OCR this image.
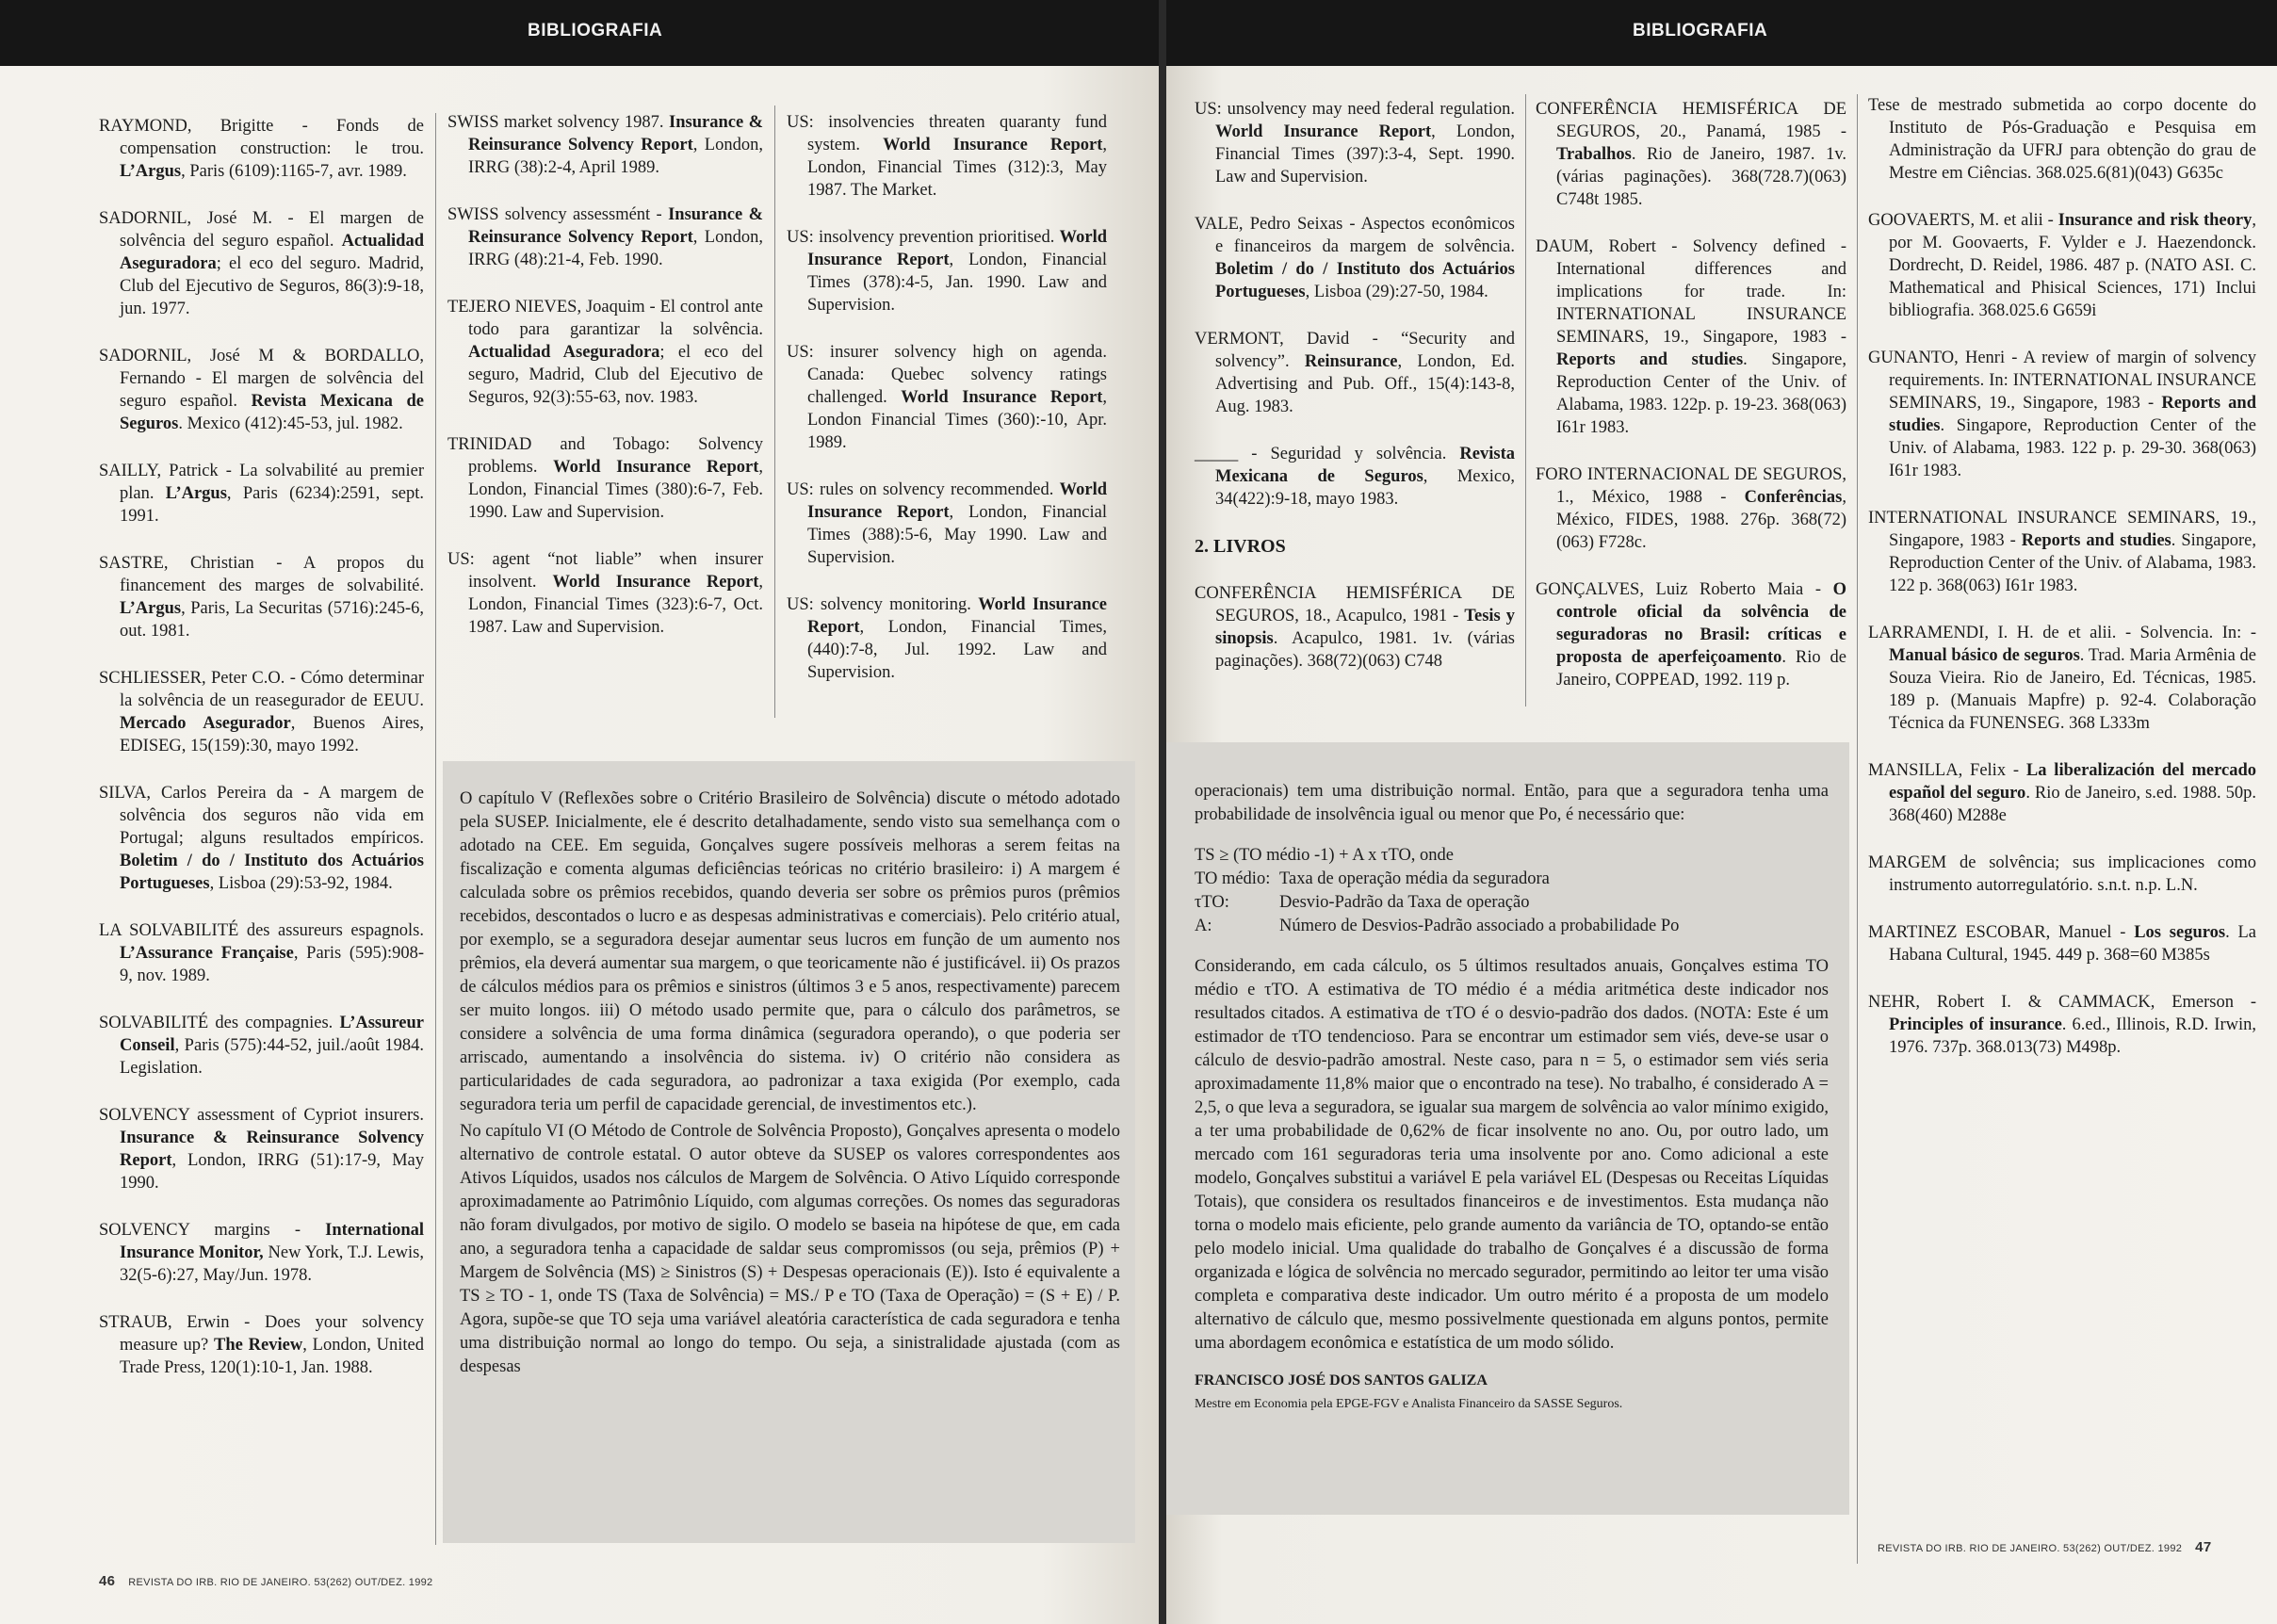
BIBLIOGRAFIA
RAYMOND, Brigitte - Fonds de compensation construction: le trou. L’Argus, Paris (6109):1165-7, avr. 1989.
SADORNIL, José M. - El margen de solvência del seguro español. Actualidad Aseguradora; el eco del seguro. Madrid, Club del Ejecutivo de Seguros, 86(3):9-18, jun. 1977.
SADORNIL, José M & BORDALLO, Fernando - El margen de solvência del seguro español. Revista Mexicana de Seguros. Mexico (412):45-53, jul. 1982.
SAILLY, Patrick - La solvabilité au premier plan. L’Argus, Paris (6234):2591, sept. 1991.
SASTRE, Christian - A propos du financement des marges de solvabilité. L’Argus, Paris, La Securitas (5716):245-6, out. 1981.
SCHLIESSER, Peter C.O. - Cómo determinar la solvência de un reasegurador de EEUU. Mercado Asegurador, Buenos Aires, EDISEG, 15(159):30, mayo 1992.
SILVA, Carlos Pereira da - A margem de solvência dos seguros não vida em Portugal; alguns resultados empíricos. Boletim / do / Instituto dos Actuários Portugueses, Lisboa (29):53-92, 1984.
LA SOLVABILITÉ des assureurs espagnols. L’Assurance Française, Paris (595):908-9, nov. 1989.
SOLVABILITÉ des compagnies. L’Assureur Conseil, Paris (575):44-52, juil./août 1984. Legislation.
SOLVENCY assessment of Cypriot insurers. Insurance & Reinsurance Solvency Report, London, IRRG (51):17-9, May 1990.
SOLVENCY margins - International Insurance Monitor, New York, T.J. Lewis, 32(5-6):27, May/Jun. 1978.
STRAUB, Erwin - Does your solvency measure up? The Review, London, United Trade Press, 120(1):10-1, Jan. 1988.
SWISS market solvency 1987. Insurance & Reinsurance Solvency Report, London, IRRG (38):2-4, April 1989.
SWISS solvency assessmént - Insurance & Reinsurance Solvency Report, London, IRRG (48):21-4, Feb. 1990.
TEJERO NIEVES, Joaquim - El control ante todo para garantizar la solvência. Actualidad Aseguradora; el eco del seguro, Madrid, Club del Ejecutivo de Seguros, 92(3):55-63, nov. 1983.
TRINIDAD and Tobago: Solvency problems. World Insurance Report, London, Financial Times (380):6-7, Feb. 1990. Law and Supervision.
US: agent “not liable” when insurer insolvent. World Insurance Report, London, Financial Times (323):6-7, Oct. 1987. Law and Supervision.
US: insolvencies threaten quaranty fund system. World Insurance Report, London, Financial Times (312):3, May 1987. The Market.
US: insolvency prevention prioritised. World Insurance Report, London, Financial Times (378):4-5, Jan. 1990. Law and Supervision.
US: insurer solvency high on agenda. Canada: Quebec solvency ratings challenged. World Insurance Report, London Financial Times (360):-10, Apr. 1989.
US: rules on solvency recommended. World Insurance Report, London, Financial Times (388):5-6, May 1990. Law and Supervision.
US: solvency monitoring. World Insurance Report, London, Financial Times, (440):7-8, Jul. 1992. Law and Supervision.

O capítulo V (Reflexões sobre o Critério Brasileiro de Solvência) discute o método adotado pela SUSEP. Inicialmente, ele é descrito detalhadamente, sendo visto sua semelhança com o adotado na CEE. Em seguida, Gonçalves sugere possíveis melhoras a serem feitas na fiscalização e comenta algumas deficiências teóricas no critério brasileiro: i) A margem é calculada sobre os prêmios recebidos, quando deveria ser sobre os prêmios puros (prêmios recebidos, descontados o lucro e as despesas administrativas e comerciais). Pelo critério atual, por exemplo, se a seguradora desejar aumentar seus lucros em função de um aumento nos prêmios, ela deverá aumentar sua margem, o que teoricamente não é justificável. ii) Os prazos de cálculos médios para os prêmios e sinistros (últimos 3 e 5 anos, respectivamente) parecem ser muito longos. iii) O método usado permite que, para o cálculo dos parâmetros, se considere a solvência de uma forma dinâmica (seguradora operando), o que poderia ser arriscado, aumentando a insolvência do sistema. iv) O critério não considera as particularidades de cada seguradora, ao padronizar a taxa exigida (Por exemplo, cada seguradora teria um perfil de capacidade gerencial, de investimentos etc.).

No capítulo VI (O Método de Controle de Solvência Proposto), Gonçalves apresenta o modelo alternativo de controle estatal. O autor obteve da SUSEP os valores correspondentes aos Ativos Líquidos, usados nos cálculos de Margem de Solvência. O Ativo Líquido corresponde aproximadamente ao Patrimônio Líquido, com algumas correções. Os nomes das seguradoras não foram divulgados, por motivo de sigilo. O modelo se baseia na hipótese de que, em cada ano, a seguradora tenha a capacidade de saldar seus compromissos (ou seja, prêmios (P) + Margem de Solvência (MS) ≥ Sinistros (S) + Despesas operacionais (E)). Isto é equivalente a TS ≥ TO - 1, onde TS (Taxa de Solvência) = MS./ P e TO (Taxa de Operação) = (S + E) / P. Agora, supõe-se que TO seja uma variável aleatória característica de cada seguradora e tenha uma distribuição normal ao longo do tempo. Ou seja, a sinistralidade ajustada (com as despesas

46 REVISTA DO IRB. RIO DE JANEIRO. 53(262) OUT/DEZ. 1992
BIBLIOGRAFIA
US: unsolvency may need federal regulation. World Insurance Report, London, Financial Times (397):3-4, Sept. 1990. Law and Supervision.
VALE, Pedro Seixas - Aspectos econômicos e financeiros da margem de solvência. Boletim / do / Instituto dos Actuários Portugueses, Lisboa (29):27-50, 1984.
VERMONT, David - “Security and solvency”. Reinsurance, London, Ed. Advertising and Pub. Off., 15(4):143-8, Aug. 1983.
_____ - Seguridad y solvência. Revista Mexicana de Seguros, Mexico, 34(422):9-18, mayo 1983.
2. LIVROS
CONFERÊNCIA HEMISFÉRICA DE SEGUROS, 18., Acapulco, 1981 - Tesis y sinopsis. Acapulco, 1981. 1v. (várias paginações). 368(72)(063) C748
CONFERÊNCIA HEMISFÉRICA DE SEGUROS, 20., Panamá, 1985 - Trabalhos. Rio de Janeiro, 1987. 1v. (várias paginações). 368(728.7)(063) C748t 1985.
DAUM, Robert - Solvency defined - International differences and implications for trade. In: INTERNATIONAL INSURANCE SEMINARS, 19., Singapore, 1983 - Reports and studies. Singapore, Reproduction Center of the Univ. of Alabama, 1983. 122p. p. 19-23. 368(063) I61r 1983.
FORO INTERNACIONAL DE SEGUROS, 1., México, 1988 - Conferências, México, FIDES, 1988. 276p. 368(72)(063) F728c.
GONÇALVES, Luiz Roberto Maia - O controle oficial da solvência de seguradoras no Brasil: críticas e proposta de aperfeiçoamento. Rio de Janeiro, COPPEAD, 1992. 119 p.
Tese de mestrado submetida ao corpo docente do Instituto de Pós-Graduação e Pesquisa em Administração da UFRJ para obtenção do grau de Mestre em Ciências. 368.025.6(81)(043) G635c
GOOVAERTS, M. et alii - Insurance and risk theory, por M. Goovaerts, F. Vylder e J. Haezendonck. Dordrecht, D. Reidel, 1986. 487 p. (NATO ASI. C. Mathematical and Phisical Sciences, 171) Inclui bibliografia. 368.025.6 G659i
GUNANTO, Henri - A review of margin of solvency requirements. In: INTERNATIONAL INSURANCE SEMINARS, 19., Singapore, 1983 - Reports and studies. Singapore, Reproduction Center of the Univ. of Alabama, 1983. 122 p. p. 29-30. 368(063) I61r 1983.
INTERNATIONAL INSURANCE SEMINARS, 19., Singapore, 1983 - Reports and studies. Singapore, Reproduction Center of the Univ. of Alabama, 1983. 122 p. 368(063) I61r 1983.
LARRAMENDI, I. H. de et alii. - Solvencia. In: - Manual básico de seguros. Trad. Maria Armênia de Souza Vieira. Rio de Janeiro, Ed. Técnicas, 1985. 189 p. (Manuais Mapfre) p. 92-4. Colaboração Técnica da FUNENSEG. 368 L333m
MANSILLA, Felix - La liberalización del mercado español del seguro. Rio de Janeiro, s.ed. 1988. 50p. 368(460) M288e
MARGEM de solvência; sus implicaciones como instrumento autorregulatório. s.n.t. n.p. L.N.
MARTINEZ ESCOBAR, Manuel - Los seguros. La Habana Cultural, 1945. 449 p. 368=60 M385s
NEHR, Robert I. & CAMMACK, Emerson - Principles of insurance. 6.ed., Illinois, R.D. Irwin, 1976. 737p. 368.013(73) M498p.

operacionais) tem uma distribuição normal. Então, para que a seguradora tenha uma probabilidade de insolvência igual ou menor que Po, é necessário que:

TS ≥ (TO médio -1) + A x τTO, onde
TO médio: Taxa de operação média da seguradora
τTO:	Desvio-Padrão da Taxa de operação
A:	Número de Desvios-Padrão associado a probabilidade Po

Considerando, em cada cálculo, os 5 últimos resultados anuais, Gonçalves estima TO médio e τTO. A estimativa de TO médio é a média aritmética deste indicador nos resultados citados. A estimativa de τTO é o desvio-padrão dos dados. (NOTA: Este é um estimador de τTO tendencioso. Para se encontrar um estimador sem viés, deve-se usar o cálculo de desvio-padrão amostral. Neste caso, para n = 5, o estimador sem viés seria aproximadamente 11,8% maior que o encontrado na tese). No trabalho, é considerado A = 2,5, o que leva a seguradora, se igualar sua margem de solvência ao valor mínimo exigido, a ter uma probabilidade de 0,62% de ficar insolvente no ano. Ou, por outro lado, um mercado com 161 seguradoras teria uma insolvente por ano. Como adicional a este modelo, Gonçalves substitui a variável E pela variável EL (Despesas ou Receitas Líquidas Totais), que considera os resultados financeiros e de investimentos. Esta mudança não torna o modelo mais eficiente, pelo grande aumento da variância de TO, optando-se então pelo modelo inicial. Uma qualidade do trabalho de Gonçalves é a discussão de forma organizada e lógica de solvência no mercado segurador, permitindo ao leitor ter uma visão completa e comparativa deste indicador. Um outro mérito é a proposta de um modelo alternativo de cálculo que, mesmo possivelmente questionada em alguns pontos, permite uma abordagem econômica e estatística de um modo sólido.

FRANCISCO JOSÉ DOS SANTOS GALIZA
Mestre em Economia pela EPGE-FGV e Analista Financeiro da SASSE Seguros.
REVISTA DO IRB. RIO DE JANEIRO. 53(262) OUT/DEZ. 1992 47
